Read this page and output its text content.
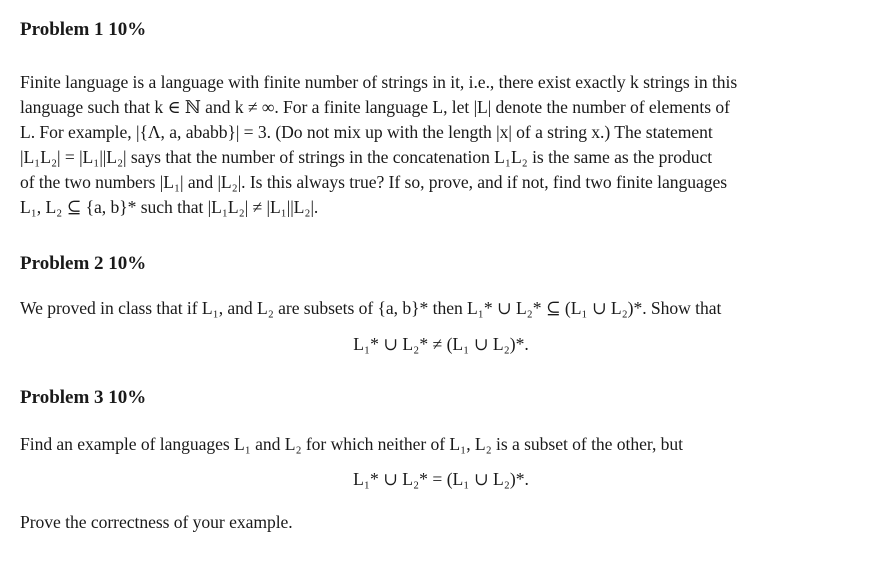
Problem 1 10%

Finite language is a language with finite number of strings in it, i.e., there exist exactly k strings in this
language such that k ∈ ℕ and k ≠ ∞. For a finite language L, let |L| denote the number of elements of
L. For example, |{Λ, a, ababb}| = 3. (Do not mix up with the length |x| of a string x.) The statement
|L₁L₂| = |L₁||L₂| says that the number of strings in the concatenation L₁L₂ is the same as the product
of the two numbers |L₁| and |L₂|. Is this always true? If so, prove, and if not, find two finite languages
L₁, L₂ ⊆ {a, b}* such that |L₁L₂| ≠ |L₁||L₂|.

Problem 2 10%

We proved in class that if L₁, and L₂ are subsets of {a, b}* then L₁* ∪ L₂* ⊆ (L₁ ∪ L₂)*. Show that

L₁* ∪ L₂* ≠ (L₁ ∪ L₂)*.

Problem 3 10%

Find an example of languages L₁ and L₂ for which neither of L₁, L₂ is a subset of the other, but

L₁* ∪ L₂* = (L₁ ∪ L₂)*.

Prove the correctness of your example.
